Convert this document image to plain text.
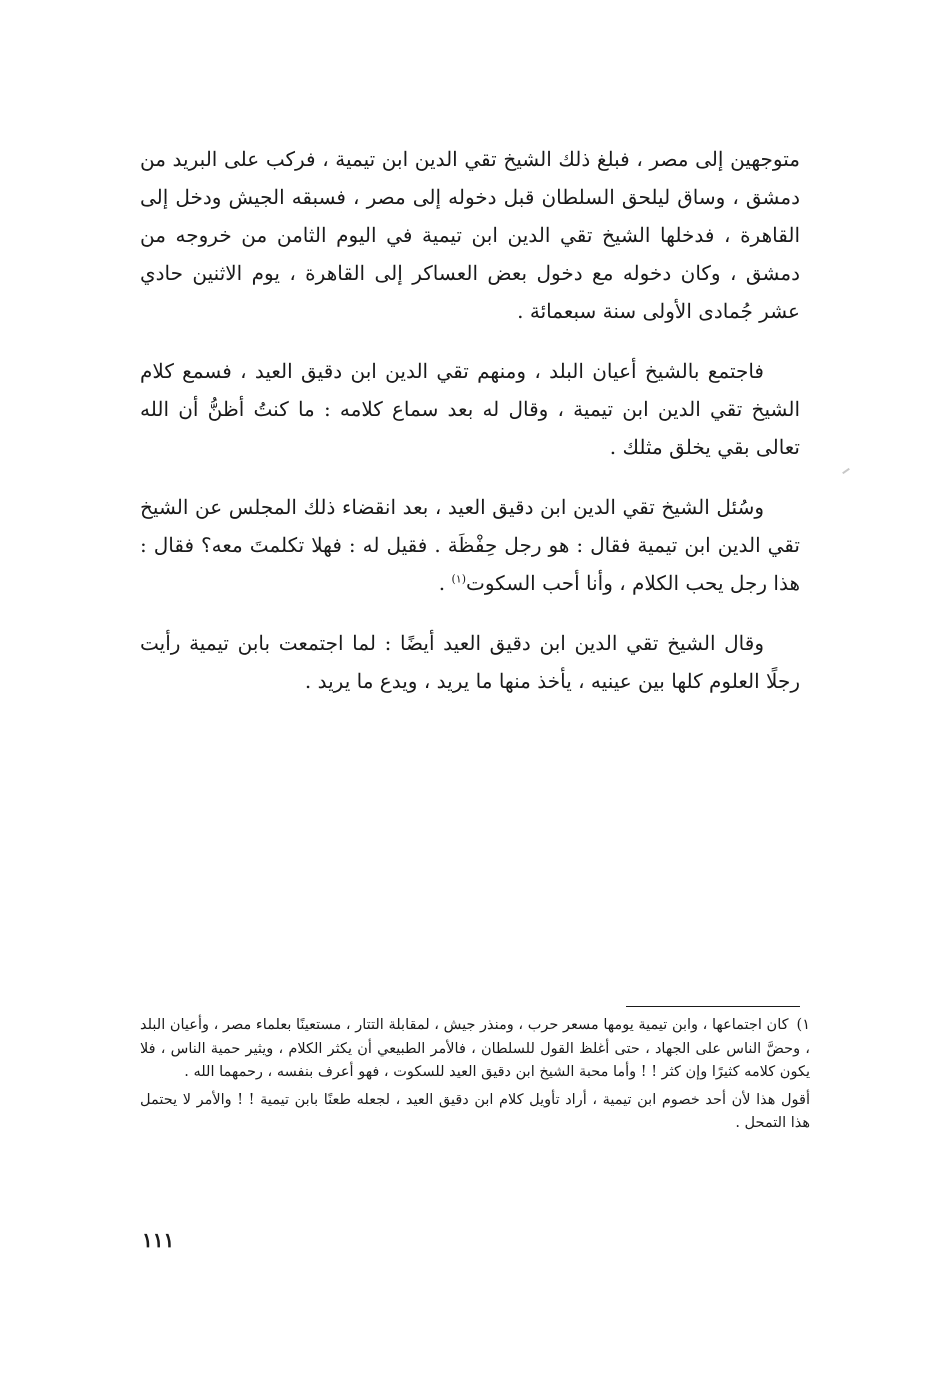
متوجهين إلى مصر ، فبلغ ذلك الشيخ تقي الدين ابن تيمية ، فركب على البريد من دمشق ، وساق ليلحق السلطان قبل دخوله إلى مصر ، فسبقه الجيش ودخل إلى القاهرة ، فدخلها الشيخ تقي الدين ابن تيمية في اليوم الثامن من خروجه من دمشق ، وكان دخوله مع دخول بعض العساكر إلى القاهرة ، يوم الاثنين حادي عشر جُمادى الأولى سنة سبعمائة .

فاجتمع بالشيخ أعيان البلد ، ومنهم تقي الدين ابن دقيق العيد ، فسمع كلام الشيخ تقي الدين ابن تيمية ، وقال له بعد سماع كلامه : ما كنتُ أظنُّ أن الله تعالى بقي يخلق مثلك .

وسُئل الشيخ تقي الدين ابن دقيق العيد ، بعد انقضاء ذلك المجلس عن الشيخ تقي الدين ابن تيمية فقال : هو رجل حِفْظَة . فقيل له : فهلا تكلمتَ معه؟ فقال : هذا رجل يحب الكلام ، وأنا أحب السكوت$^{(١)}$ .

وقال الشيخ تقي الدين ابن دقيق العيد أيضًا : لما اجتمعت بابن تيمية رأيت رجلًا العلوم كلها بين عينيه ، يأخذ منها ما يريد ، ويدع ما يريد .

١)كان اجتماعها ، وابن تيمية يومها مسعر حرب ، ومنذر جيش ، لمقابلة التتار ، مستعينًا بعلماء مصر ، وأعيان البلد ، وحضَّ الناس على الجهاد ، حتى أغلظ القول للسلطان ، فالأمر الطبيعي أن يكثر الكلام ، ويثير حمية الناس ، فلا يكون كلامه كثيرًا وإن كثر ! ! وأما محبة الشيخ ابن دقيق العيد للسكوت ، فهو أعرف بنفسه ، رحمهما الله .

أقول هذا لأن أحد خصوم ابن تيمية ، أراد تأويل كلام ابن دقيق العيد ، لجعله طعنًا بابن تيمية ! ! والأمر لا يحتمل هذا التمحل .

١١١
